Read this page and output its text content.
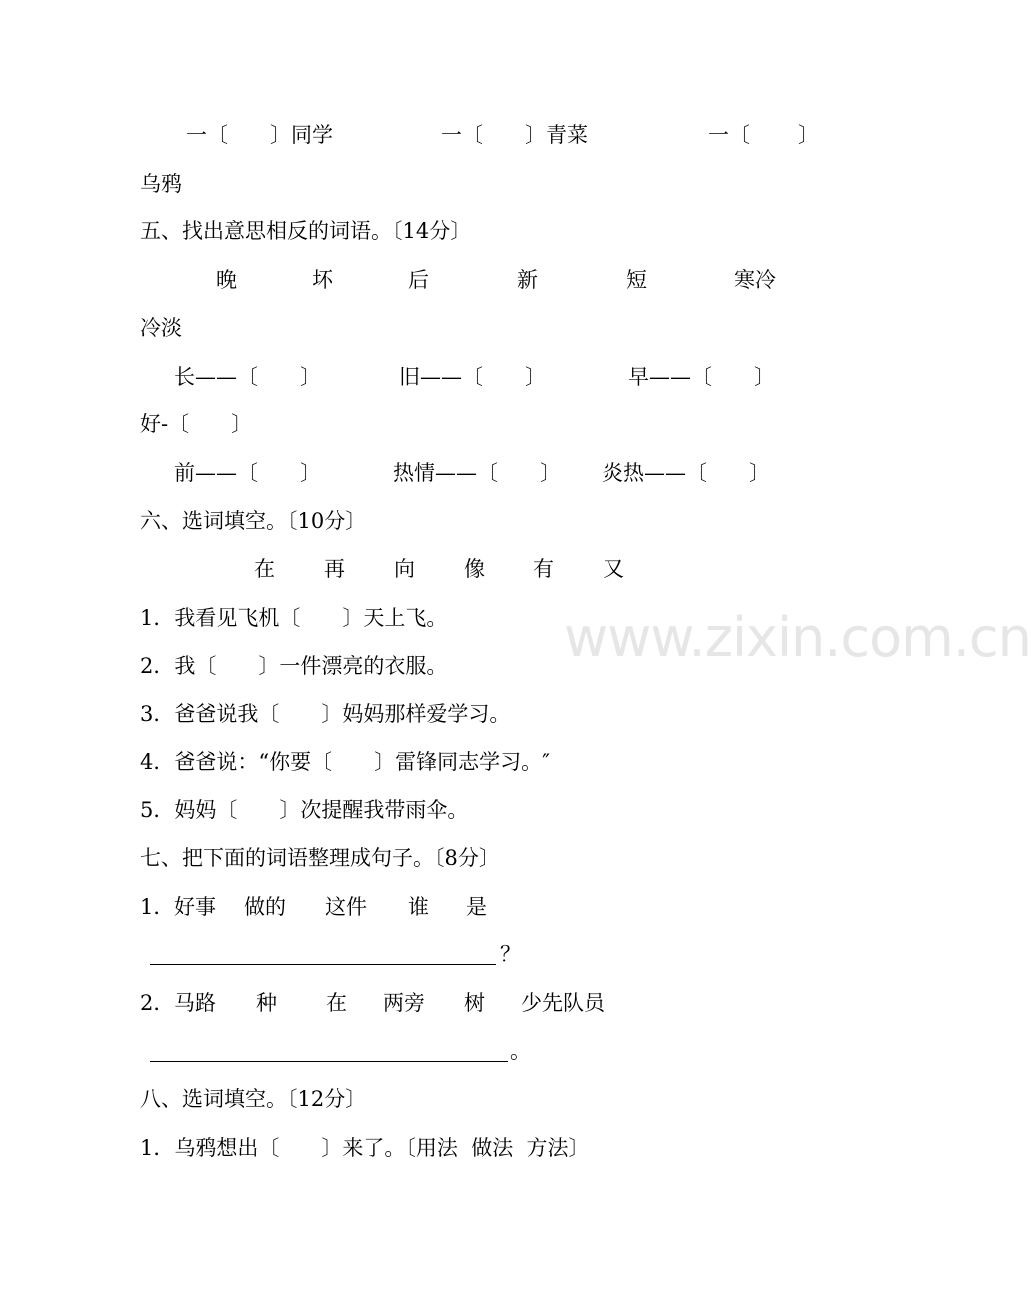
www.zixin.com.cn
一〔　　〕同学	一〔　　〕青菜	一〔　　 〕
乌鸦
五、找出意思相反的词语。〔14分〕
晚	坏	后	新	短	寒冷
冷淡
长——〔　　〕	旧——〔　　〕	早——〔　　〕
好-〔　　〕
前——〔　　〕	热情——〔　　〕 炎热——〔　　〕
六、选词填空。〔10分〕
在 再 向 像 有 又
1．我看见飞机〔　　〕天上飞。
2．我〔　　〕一件漂亮的衣服。
3．爸爸说我〔　　〕妈妈那样爱学习。
4．爸爸说：“你要〔　　〕雷锋同志学习。″
5．妈妈〔　　〕次提醒我带雨伞。
七、把下面的词语整理成句子。〔8分〕
1． 好事 做的 这件 谁 是
？
2． 马路 种 在 两旁 树 少先队员
。
八、选词填空。〔12分〕
1．乌鸦想出〔　　〕来了。〔用法  做法  方法〕
